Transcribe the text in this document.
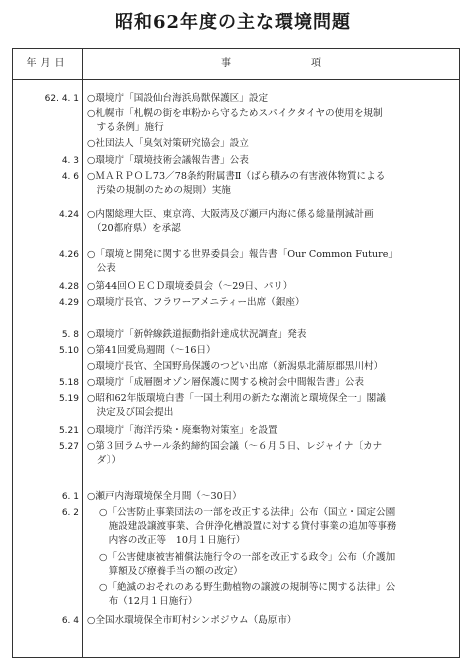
昭和62年度の主な環境問題
年月日	事項
62. 4. 1 ○環境庁「国設仙台海浜鳥獣保護区」設定
○札幌市「札幌の街を車粉から守るためスパイクタイヤの使用を規制
　する条例」施行
○社団法人「臭気対策研究協会」設立
4. 3 ○環境庁「環境技術会議報告書」公表
4. 6 ○ＭＡＲＰＯＬ73／78条約附属書Ⅱ（ばら積みの有害液体物質による
　汚染の規制のための規則）実施
4.24 ○内閣総理大臣、東京湾、大阪湾及び瀬戸内海に係る総量削減計画
　（20都府県）を承認
4.26 ○「環境と開発に関する世界委員会」報告書「Our Common Future」
　公表
4.28 ○第44回ＯＥＣＤ環境委員会（～29日、パリ）
4.29 ○環境庁長官、フラワーアメニティー出席（銀座）
5. 8 ○環境庁「新幹線鉄道振動指針達成状況調査」発表
5.10 ○第41回愛鳥週間（～16日）
○環境庁長官、全国野鳥保護のつどい出席（新潟県北蒲原郡黒川村）
5.18 ○環境庁「成層圏オゾン層保護に関する検討会中間報告書」公表
5.19 ○昭和62年版環境白書「一国土利用の新たな潮流と環境保全一」閣議
　決定及び国会提出
5.21 ○環境庁「海洋汚染・廃棄物対策室」を設置
5.27 ○第３回ラムサール条約締約国会議（～６月５日、レジャイナ〔カナ
　ダ〕）
6. 1 ○瀬戸内海環境保全月間（～30日）
6. 2 ○「公害防止事業団法の一部を改正する法律」公布（国立・国定公園
　施設建設譲渡事業、合併浄化槽設置に対する貸付事業の追加等事務
　内容の改正等　10月１日施行）
○「公害健康被害補償法施行令の一部を改正する政令」公布（介護加
　算額及び療養手当の額の改定）
○「絶滅のおそれのある野生動植物の譲渡の規制等に関する法律」公
　布（12月１日施行）
6. 4 ○全国水環境保全市町村シンポジウム（島原市）
